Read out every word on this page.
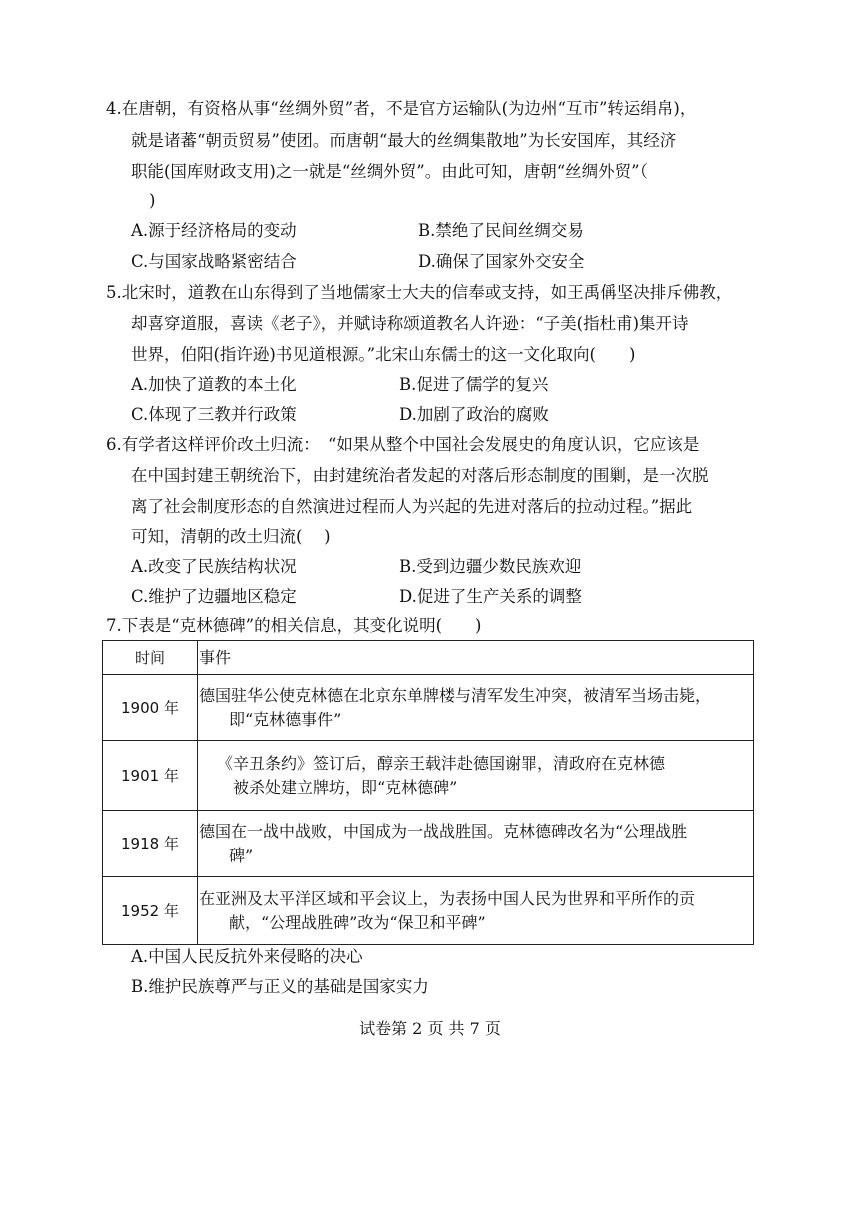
4.在唐朝，有资格从事“丝绸外贸”者，不是官方运输队(为边州“互市”转运绢帛)，
就是诸蕃“朝贡贸易”使团。而唐朝“最大的丝绸集散地”为长安国库，其经济
职能(国库财政支用)之一就是“丝绸外贸”。由此可知，唐朝“丝绸外贸”（
)
A.源于经济格局的变动	B.禁绝了民间丝绸交易
C.与国家战略紧密结合	D.确保了国家外交安全
5.北宋时，道教在山东得到了当地儒家士大夫的信奉或支持，如王禹偁坚决排斥佛教，
却喜穿道服，喜读《老子》，并赋诗称颂道教名人许逊：“子美(指杜甫)集开诗
世界，伯阳(指许逊)书见道根源。”北宋山东儒士的这一文化取向(　　)
A.加快了道教的本土化	B.促进了儒学的复兴
C.体现了三教并行政策	D.加剧了政治的腐败
6.有学者这样评价改土归流：　“如果从整个中国社会发展史的角度认识，它应该是
在中国封建王朝统治下，由封建统治者发起的对落后形态制度的围剿，是一次脱
离了社会制度形态的自然演进过程而人为兴起的先进对落后的拉动过程。”据此
可知，清朝的改土归流(　 )
A.改变了民族结构状况	B.受到边疆少数民族欢迎
C.维护了边疆地区稳定	D.促进了生产关系的调整
7.下表是“克林德碑”的相关信息，其变化说明(　　)
时间	事件
1900 年	德国驻华公使克林德在北京东单牌楼与清军发生冲突，被清军当场击毙，
即“克林德事件”

1901 年	《辛丑条约》签订后，醇亲王载沣赴德国谢罪，清政府在克林德
被杀处建立牌坊，即“克林德碑”

1918 年	德国在一战中战败，中国成为一战战胜国。克林德碑改名为“公理战胜
碑”

1952 年	在亚洲及太平洋区域和平会议上，为表扬中国人民为世界和平所作的贡
献，“公理战胜碑”改为“保卫和平碑”
A.中国人民反抗外来侵略的决心
B.维护民族尊严与正义的基础是国家实力
试卷第 2 页 共 7 页
